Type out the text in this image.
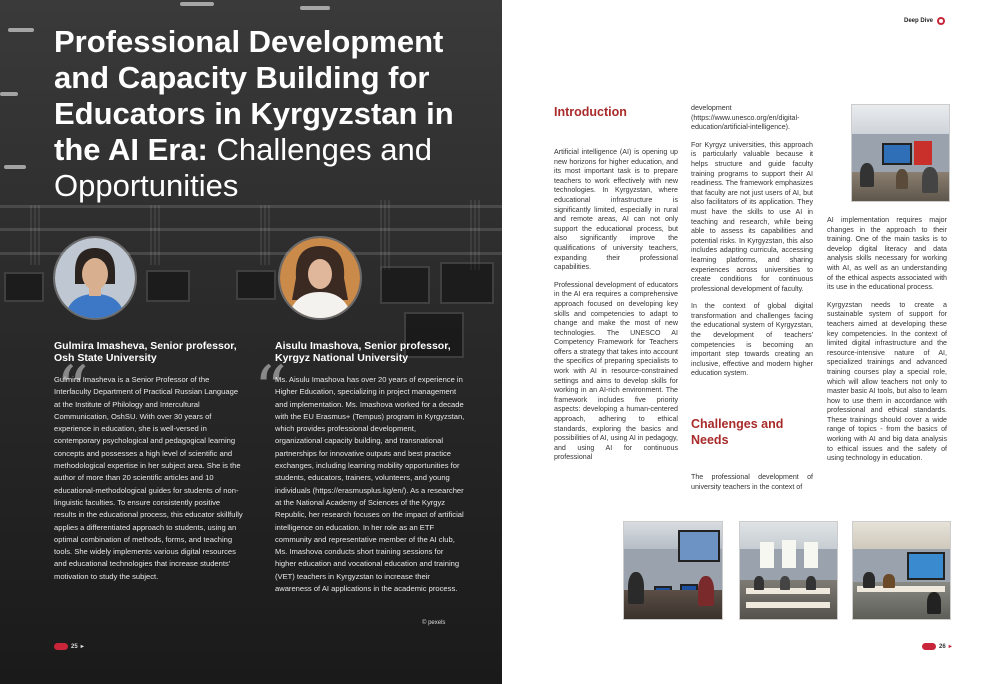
Professional Development and Capacity Building for Educators in Kyrgyzstan in the AI Era: Challenges and Opportunities
Gulmira Imasheva, Senior professor,
Osh State University
Aisulu Imashova, Senior professor,
Kyrgyz National University
“	“
Gulmira Imasheva is a Senior Professor of the Interfaculty Department of Practical Russian Language at the Institute of Philology and Intercultural Communication, OshSU. With over 30 years of experience in education, she is well-versed in contemporary psychological and pedagogical learning concepts and possesses a high level of scientific and methodological expertise in her subject area. She is the author of more than 20 scientific articles and 10 educational-methodological guides for students of non-linguistic faculties. To ensure consistently positive results in the educational process, this educator skillfully applies a differentiated approach to students, using an optimal combination of methods, forms, and teaching tools. She widely implements various digital resources and educational technologies that increase students' motivation to study the subject.
Ms. Aisulu Imashova has over 20 years of experience in Higher Education, specializing in project management and implementation. Ms. Imashova worked for a decade with the EU Erasmus+ (Tempus) program in Kyrgyzstan, which provides professional development, organizational capacity building, and transnational partnerships for innovative outputs and best practice exchanges, including learning mobility opportunities for students, educators, trainers, volunteers, and young individuals (https://erasmusplus.kg/en/). As a researcher at the National Academy of Sciences of the Kyrgyz Republic, her research focuses on the impact of artificial intelligence on education. In her role as an ETF community and representative member of the AI club, Ms. Imashova conducts short training sessions for higher education and vocational education and training (VET) teachers in Kyrgyzstan to increase their awareness of AI applications in the academic process.
© pexels
25 ▸
Deep Dive
Introduction

Artificial intelligence (AI) is opening up new horizons for higher education, and its most important task is to prepare teachers to work effectively with new technologies. In Kyrgyzstan, where educational infrastructure is significantly limited, especially in rural and remote areas, AI can not only support the educational process, but also significantly improve the qualifications of university teachers, expanding their professional capabilities.

Professional development of educators in the AI era requires a comprehensive approach focused on developing key skills and competencies to adapt to change and make the most of new technologies. The UNESCO AI Competency Framework for Teachers offers a strategy that takes into account the specifics of preparing specialists to work with AI in resource-constrained settings and aims to develop skills for working in an AI-rich environment. The framework includes five priority aspects: developing a human-centered approach, adhering to ethical standards, exploring the basics and possibilities of AI, using AI in pedagogy, and using AI for continuous professional

development (https://www.unesco.org/en/digital-education/artificial-intelligence).

For Kyrgyz universities, this approach is particularly valuable because it helps structure and guide faculty training programs to support their AI readiness. The framework emphasizes that faculty are not just users of AI, but also facilitators of its application. They must have the skills to use AI in teaching and research, while being able to assess its capabilities and potential risks. In Kyrgyzstan, this also includes adapting curricula, accessing learning platforms, and sharing experiences across universities to create conditions for continuous professional development of faculty.

In the context of global digital transformation and challenges facing the educational system of Kyrgyzstan, the development of teachers' competencies is becoming an important step towards creating an inclusive, effective and modern higher education system.

Challenges and
Needs

The professional development of university teachers in the context of

AI implementation requires major changes in the approach to their training. One of the main tasks is to develop digital literacy and data analysis skills necessary for working with AI, as well as an understanding of the ethical aspects associated with its use in the educational process.

Kyrgyzstan needs to create a sustainable system of support for teachers aimed at developing these key competencies. In the context of limited digital infrastructure and the resource-intensive nature of AI, specialized trainings and advanced training courses play a special role, which will allow teachers not only to master basic AI tools, but also to learn how to use them in accordance with professional and ethical standards. These trainings should cover a wide range of topics - from the basics of working with AI and big data analysis to ethical issues and the safety of using technology in education.

26 ▸
